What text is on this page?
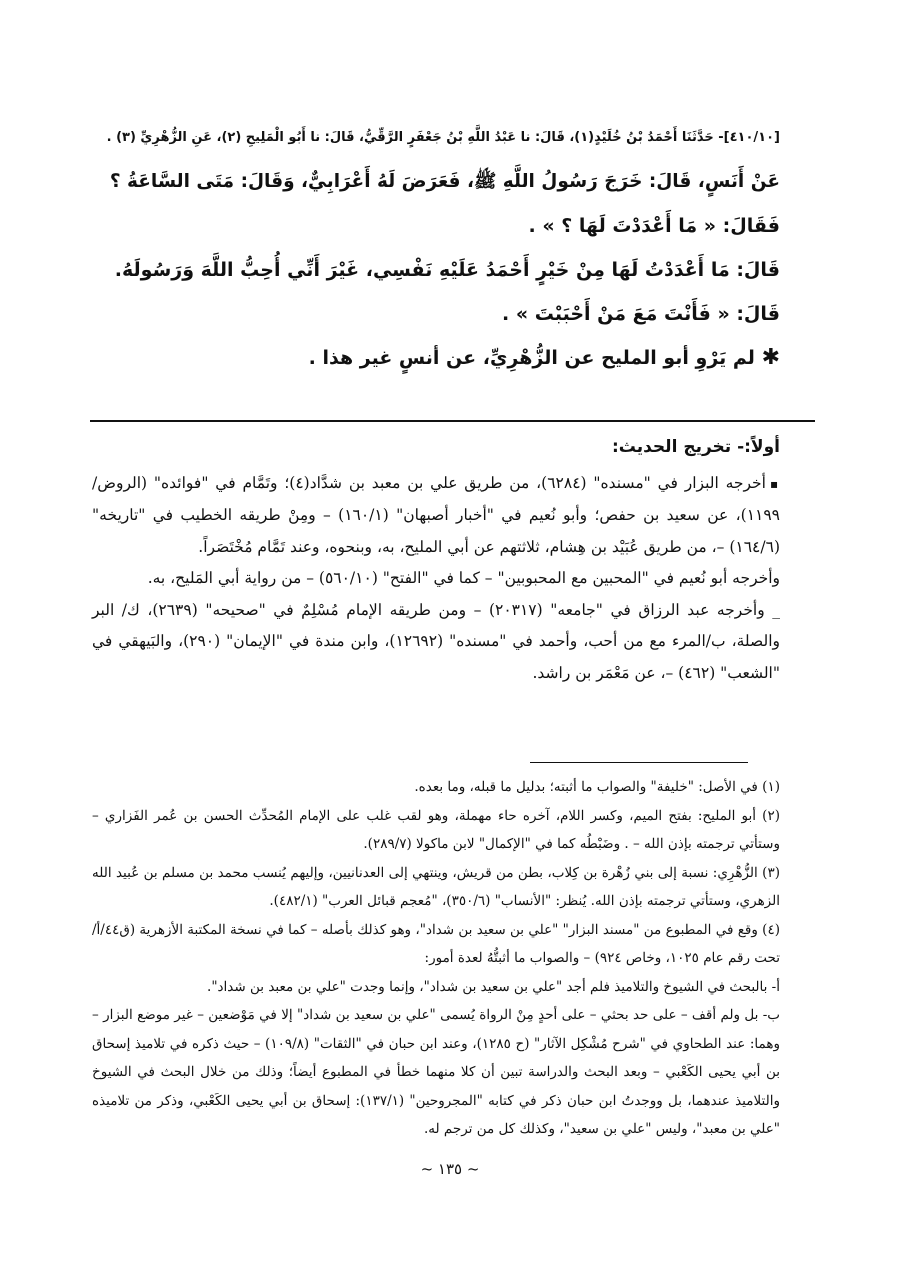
[٤١٠/١٠]- حَدَّثَنَا أَحْمَدُ بْنُ خُلَيْدٍ(١)، قَالَ: نا عَبْدُ اللَّهِ بْنُ جَعْفَرٍ الرَّقِّيُّ، قَالَ: نا أَبُو الْمَلِيحِ (٢)، عَنِ الزُّهْرِيِّ (٣) .

عَنْ أَنَسٍ، قَالَ: خَرَجَ رَسُولُ اللَّهِ ﷺ، فَعَرَضَ لَهُ أَعْرَابِيٌّ، وَقَالَ: مَتَى السَّاعَةُ ؟

فَقَالَ: « مَا أَعْدَدْتَ لَهَا ؟ » .

قَالَ: مَا أَعْدَدْتُ لَهَا مِنْ خَيْرٍ أَحْمَدُ عَلَيْهِ نَفْسِي، غَيْرَ أَنِّي أُحِبُّ اللَّهَ وَرَسُولَهُ.

قَالَ: « فَأَنْتَ مَعَ مَنْ أَحْبَبْتَ » .

✱ لم يَرْوِ أبو المليح عن الزُّهْرِيِّ، عن أنسٍ غير هذا .

أولاً:- تخريج الحديث:

▪أخرجه البزار في "مسنده" (٦٢٨٤)، من طريق علي بن معبد بن شدَّاد(٤)؛ وتَمَّام في "فوائده" (الروض/١١٩٩)، عن سعيد بن حفص؛ وأبو نُعيم في "أخبار أصبهان" (١٦٠/١) – ومِنْ طريقه الخطيب في "تاريخه" (١٦٤/٦) –، من طريق عُبَيْد بن هِشام، ثلاثتهم عن أبي المليح، به، وبنحوه، وعند تَمَّام مُخْتَصَراً.

وأخرجه أبو نُعيم في "المحبين مع المحبوبين" – كما في "الفتح" (٥٦٠/١٠) – من رواية أبي المَليح، به.

_ وأخرجه عبد الرزاق في "جامعه" (٢٠٣١٧) – ومن طريقه الإمام مُسْلِمٌ في "صحيحه" (٢٦٣٩)، ك/ البر والصلة، ب/المرء مع من أحب، وأحمد في "مسنده" (١٢٦٩٢)، وابن مندة في "الإيمان" (٢٩٠)، والبَيهقي في "الشعب" (٤٦٢) –، عن مَعْمَر بن راشد.

(١) في الأصل: "خليفة" والصواب ما أثبته؛ بدليل ما قبله، وما بعده.

(٢) أبو المليح: بفتح الميم، وكسر اللام، آخره حاء مهملة، وهو لقب غلب على الإمام المُحدِّث الحسن بن عُمر الفَزاري – وستأتي ترجمته بإذن الله – . وضَبْطُه كما في "الإكمال" لابن ماكولا (٢٨٩/٧).

(٣) الزُّهْرِي: نسبة إلى بني زُهْرة بن كِلاب، بطن من قريش، وينتهي إلى العدنانيين، وإليهم يُنسب محمد بن مسلم بن عُبيد الله الزهري، وستأتي ترجمته بإذن الله. يُنظر: "الأنساب" (٣٥٠/٦)، "مُعجم قبائل العرب" (٤٨٢/١).

(٤) وقع في المطبوع من "مسند البزار" "علي بن سعيد بن شداد"، وهو كذلك بأصله – كما في نسخة المكتبة الأزهرية (ق٤٤/أ/ تحت رقم عام ١٠٢٥، وخاص ٩٢٤) – والصواب ما أثبتُّهُ لعدة أمور:

أ- بالبحث في الشيوخ والتلاميذ فلم أجد "علي بن سعيد بن شداد"، وإنما وجدت "علي بن معبد بن شداد".

ب- بل ولم أقف – على حد بحثي – على أحدٍ مِنْ الرواة يُسمى "علي بن سعيد بن شداد" إلا في مَوْضعين – غير موضع البزار – وهما: عند الطحاوي في "شرح مُشْكِل الآثار" (ح ١٢٨٥)، وعند ابن حبان في "الثقات" (١٠٩/٨) – حيث ذكره في تلاميذ إسحاق بن أبي يحيى الكَعْبي – وبعد البحث والدراسة تبين أن كلا منهما خطأ في المطبوع أيضاً؛ وذلك من خلال البحث في الشيوخ والتلاميذ عندهما، بل ووجدتُ ابن حبان ذكر في كتابه "المجروحين" (١٣٧/١): إسحاق بن أبي يحيى الكَعْبي، وذكر من تلاميذه "علي بن معبد"، وليس "علي بن سعيد"، وكذلك كل من ترجم له.

~ ١٣٥ ~
